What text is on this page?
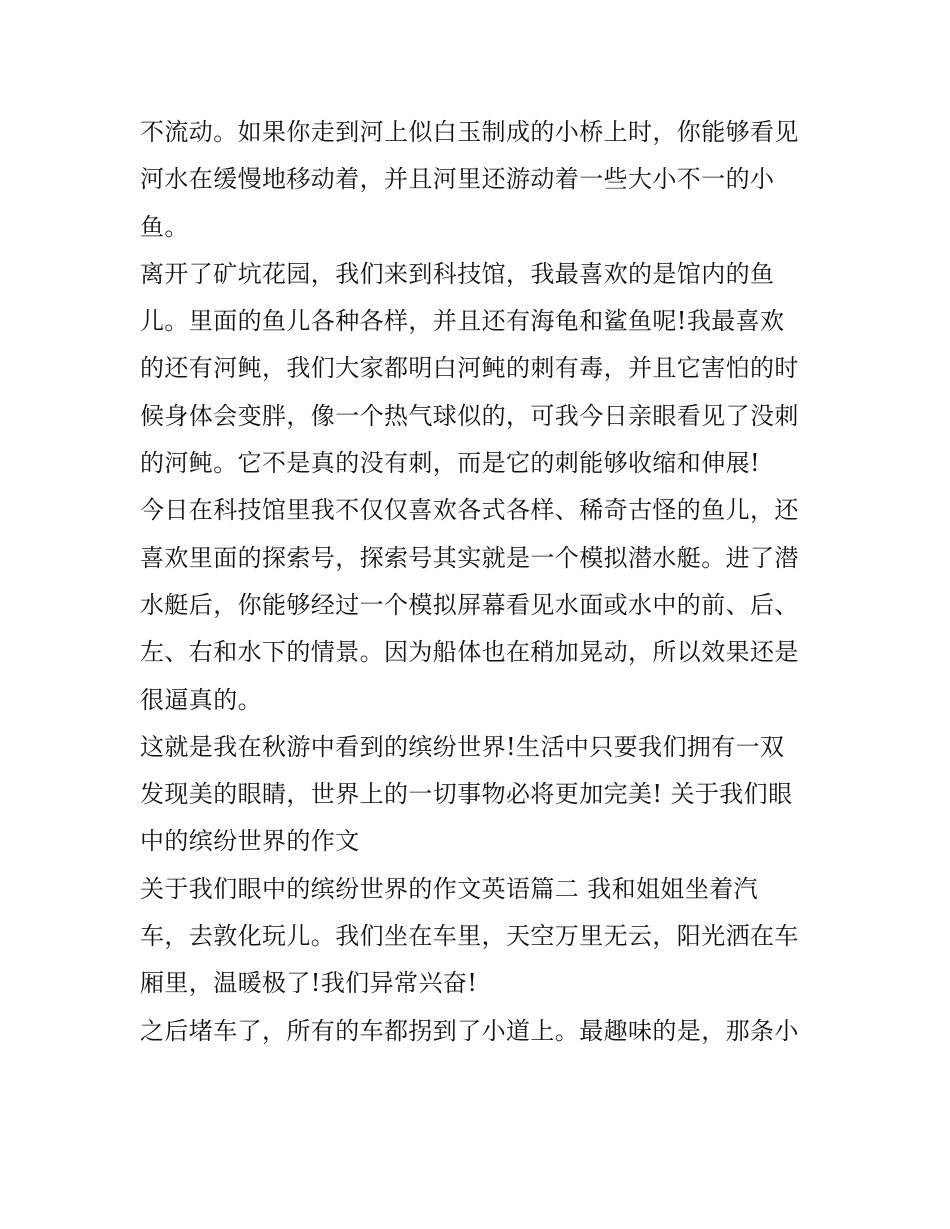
不流动。如果你走到河上似白玉制成的小桥上时，你能够看见
河水在缓慢地移动着，并且河里还游动着一些大小不一的小
鱼。
离开了矿坑花园，我们来到科技馆，我最喜欢的是馆内的鱼
儿。里面的鱼儿各种各样，并且还有海龟和鲨鱼呢!我最喜欢
的还有河鲀，我们大家都明白河鲀的刺有毒，并且它害怕的时
候身体会变胖，像一个热气球似的，可我今日亲眼看见了没刺
的河鲀。它不是真的没有刺，而是它的刺能够收缩和伸展!
今日在科技馆里我不仅仅喜欢各式各样、稀奇古怪的鱼儿，还
喜欢里面的探索号，探索号其实就是一个模拟潜水艇。进了潜
水艇后，你能够经过一个模拟屏幕看见水面或水中的前、后、
左、右和水下的情景。因为船体也在稍加晃动，所以效果还是
很逼真的。
这就是我在秋游中看到的缤纷世界!生活中只要我们拥有一双
发现美的眼睛，世界上的一切事物必将更加完美! 关于我们眼
中的缤纷世界的作文
关于我们眼中的缤纷世界的作文英语篇二 我和姐姐坐着汽
车，去敦化玩儿。我们坐在车里，天空万里无云，阳光洒在车
厢里，温暖极了!我们异常兴奋!
之后堵车了，所有的车都拐到了小道上。最趣味的是，那条小
